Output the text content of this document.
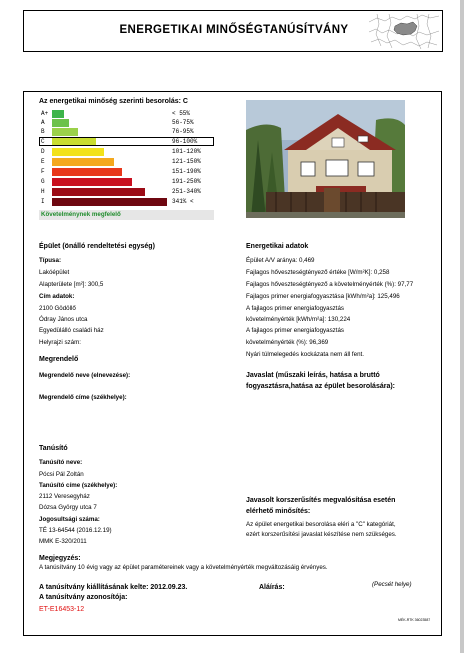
ENERGETIKAI MINŐSÉGTANÚSÍTVÁNY
Az energetikai minőség szerinti besorolás: C
A+	< 55%
A	56-75%
B	76-95%
C	96-100%
D	101-120%
E	121-150%
F	151-190%
G	191-250%
H	251-340%
I	341% <
Követelménynek megfelelő
Épület (önálló rendeltetési egység)
Típusa:
Lakóépület
Alapterülete [m²]: 300,5
Cím adatok:
2100 Gödöllő
Ódray János utca
Egyedülálló családi ház
Helyrajzi szám:
Energetikai adatok
Épület A/V aránya: 0,469
Fajlagos hőveszteségtényező értéke [W/m²K]: 0,258
Fajlagos hőveszteségtényező a követelményérték (%): 97,77
Fajlagos primer energiafogyasztása [kWh/m²a]: 125,496
A fajlagos primer energiafogyasztás
követelményérték [kWh/m²a]: 130,224
A fajlagos primer energiafogyasztás
követelményérték (%): 96,369
Nyári túlmelegedés kockázata nem áll fent.
Megrendelő
Megrendelő neve (elnevezése):
Megrendelő címe (székhelye):
Javaslat (műszaki leírás, hatása a bruttó
fogyasztásra,hatása az épület besorolására):
Tanúsító
Tanúsító neve:
Pócsi Pál Zoltán
Tanúsító címe (székhelye):
2112 Veresegyház
Dózsa György utca 7
Jogosultsági száma:
TÉ 13-64544 (2016.12.19)
MMK E-320/2011
Javasolt korszerűsítés megvalósítása esetén
elérhető minősítés:
Az épület energetikai besorolása eléri a "C" kategóriát,
ezért korszerűsítési javaslat készítése nem szükséges.
Megjegyzés:
A tanúsítvány 10 évig vagy az épület paramétereinek vagy a követelményérték megváltozásáig érvényes.
A tanúsítvány kiállításának kelte: 2012.09.23.
A tanúsítvány azonosítója:
ET-E16453-12
Aláírás:	(Pecsét helye)
MÉK-RTK 36023587
